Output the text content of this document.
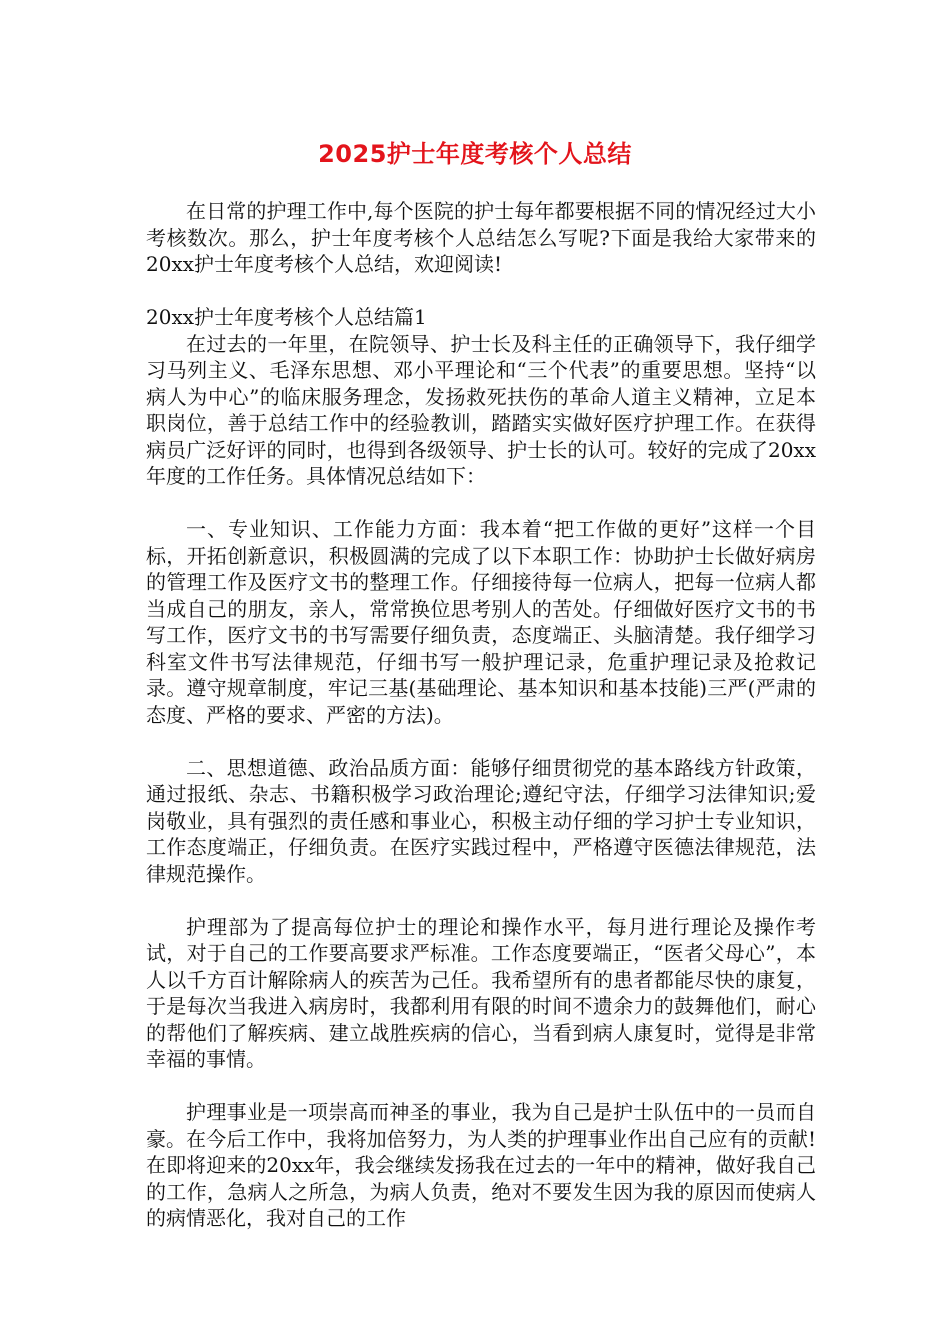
2025护士年度考核个人总结

在日常的护理工作中,每个医院的护士每年都要根据不同的情况经过大小考核数次。那么，护士年度考核个人总结怎么写呢?下面是我给大家带来的20xx护士年度考核个人总结，欢迎阅读!

20xx护士年度考核个人总结篇1

在过去的一年里，在院领导、护士长及科主任的正确领导下，我仔细学习马列主义、毛泽东思想、邓小平理论和“三个代表”的重要思想。坚持“以病人为中心”的临床服务理念，发扬救死扶伤的革命人道主义精神，立足本职岗位，善于总结工作中的经验教训，踏踏实实做好医疗护理工作。在获得病员广泛好评的同时，也得到各级领导、护士长的认可。较好的完成了20xx年度的工作任务。具体情况总结如下：

一、专业知识、工作能力方面：我本着“把工作做的更好”这样一个目标，开拓创新意识，积极圆满的完成了以下本职工作：协助护士长做好病房的管理工作及医疗文书的整理工作。仔细接待每一位病人，把每一位病人都当成自己的朋友，亲人，常常换位思考别人的苦处。仔细做好医疗文书的书写工作，医疗文书的书写需要仔细负责，态度端正、头脑清楚。我仔细学习科室文件书写法律规范，仔细书写一般护理记录，危重护理记录及抢救记录。遵守规章制度，牢记三基(基础理论、基本知识和基本技能)三严(严肃的态度、严格的要求、严密的方法)。

二、思想道德、政治品质方面：能够仔细贯彻党的基本路线方针政策，通过报纸、杂志、书籍积极学习政治理论;遵纪守法，仔细学习法律知识;爱岗敬业，具有强烈的责任感和事业心，积极主动仔细的学习护士专业知识，工作态度端正，仔细负责。在医疗实践过程中，严格遵守医德法律规范，法律规范操作。

护理部为了提高每位护士的理论和操作水平，每月进行理论及操作考试，对于自己的工作要高要求严标准。工作态度要端正，“医者父母心”，本人以千方百计解除病人的疾苦为己任。我希望所有的患者都能尽快的康复，于是每次当我进入病房时，我都利用有限的时间不遗余力的鼓舞他们，耐心的帮他们了解疾病、建立战胜疾病的信心，当看到病人康复时，觉得是非常幸福的事情。

护理事业是一项崇高而神圣的事业，我为自己是护士队伍中的一员而自豪。在今后工作中，我将加倍努力，为人类的护理事业作出自己应有的贡献!在即将迎来的20xx年，我会继续发扬我在过去的一年中的精神，做好我自己的工作，急病人之所急，为病人负责，绝对不要发生因为我的原因而使病人的病情恶化，我对自己的工作
